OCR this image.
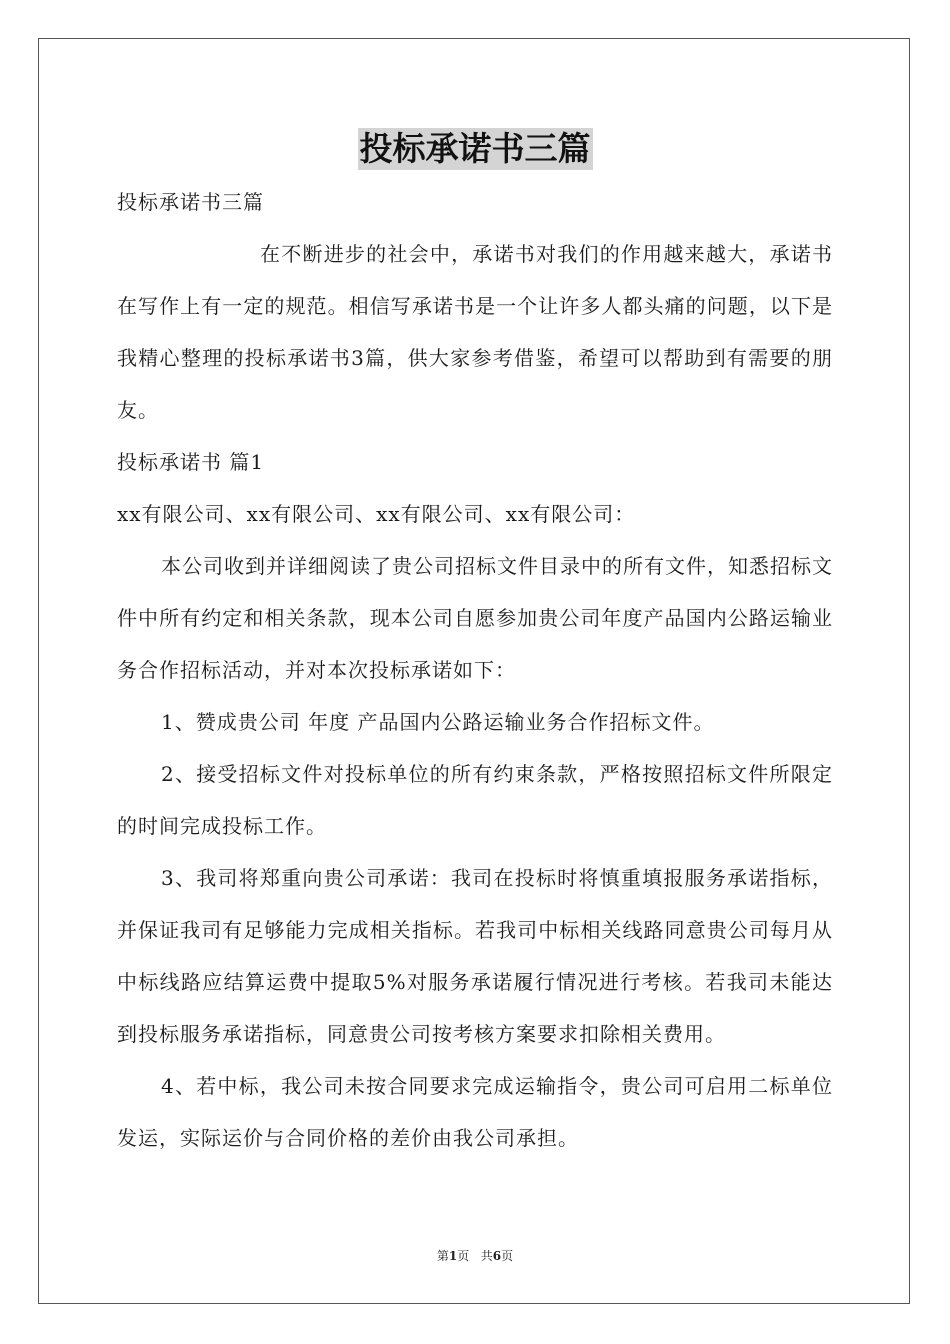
投标承诺书三篇

投标承诺书三篇

在不断进步的社会中，承诺书对我们的作用越来越大，承诺书在写作上有一定的规范。相信写承诺书是一个让许多人都头痛的问题，以下是我精心整理的投标承诺书3篇，供大家参考借鉴，希望可以帮助到有需要的朋友。

投标承诺书 篇1

xx有限公司、xx有限公司、xx有限公司、xx有限公司：

本公司收到并详细阅读了贵公司招标文件目录中的所有文件，知悉招标文件中所有约定和相关条款，现本公司自愿参加贵公司年度产品国内公路运输业务合作招标活动，并对本次投标承诺如下：

1、赞成贵公司 年度 产品国内公路运输业务合作招标文件。

2、接受招标文件对投标单位的所有约束条款，严格按照招标文件所限定的时间完成投标工作。

3、我司将郑重向贵公司承诺：我司在投标时将慎重填报服务承诺指标，并保证我司有足够能力完成相关指标。若我司中标相关线路同意贵公司每月从中标线路应结算运费中提取5%对服务承诺履行情况进行考核。若我司未能达到投标服务承诺指标，同意贵公司按考核方案要求扣除相关费用。

4、若中标，我公司未按合同要求完成运输指令，贵公司可启用二标单位发运，实际运价与合同价格的差价由我公司承担。

第1页 共6页
